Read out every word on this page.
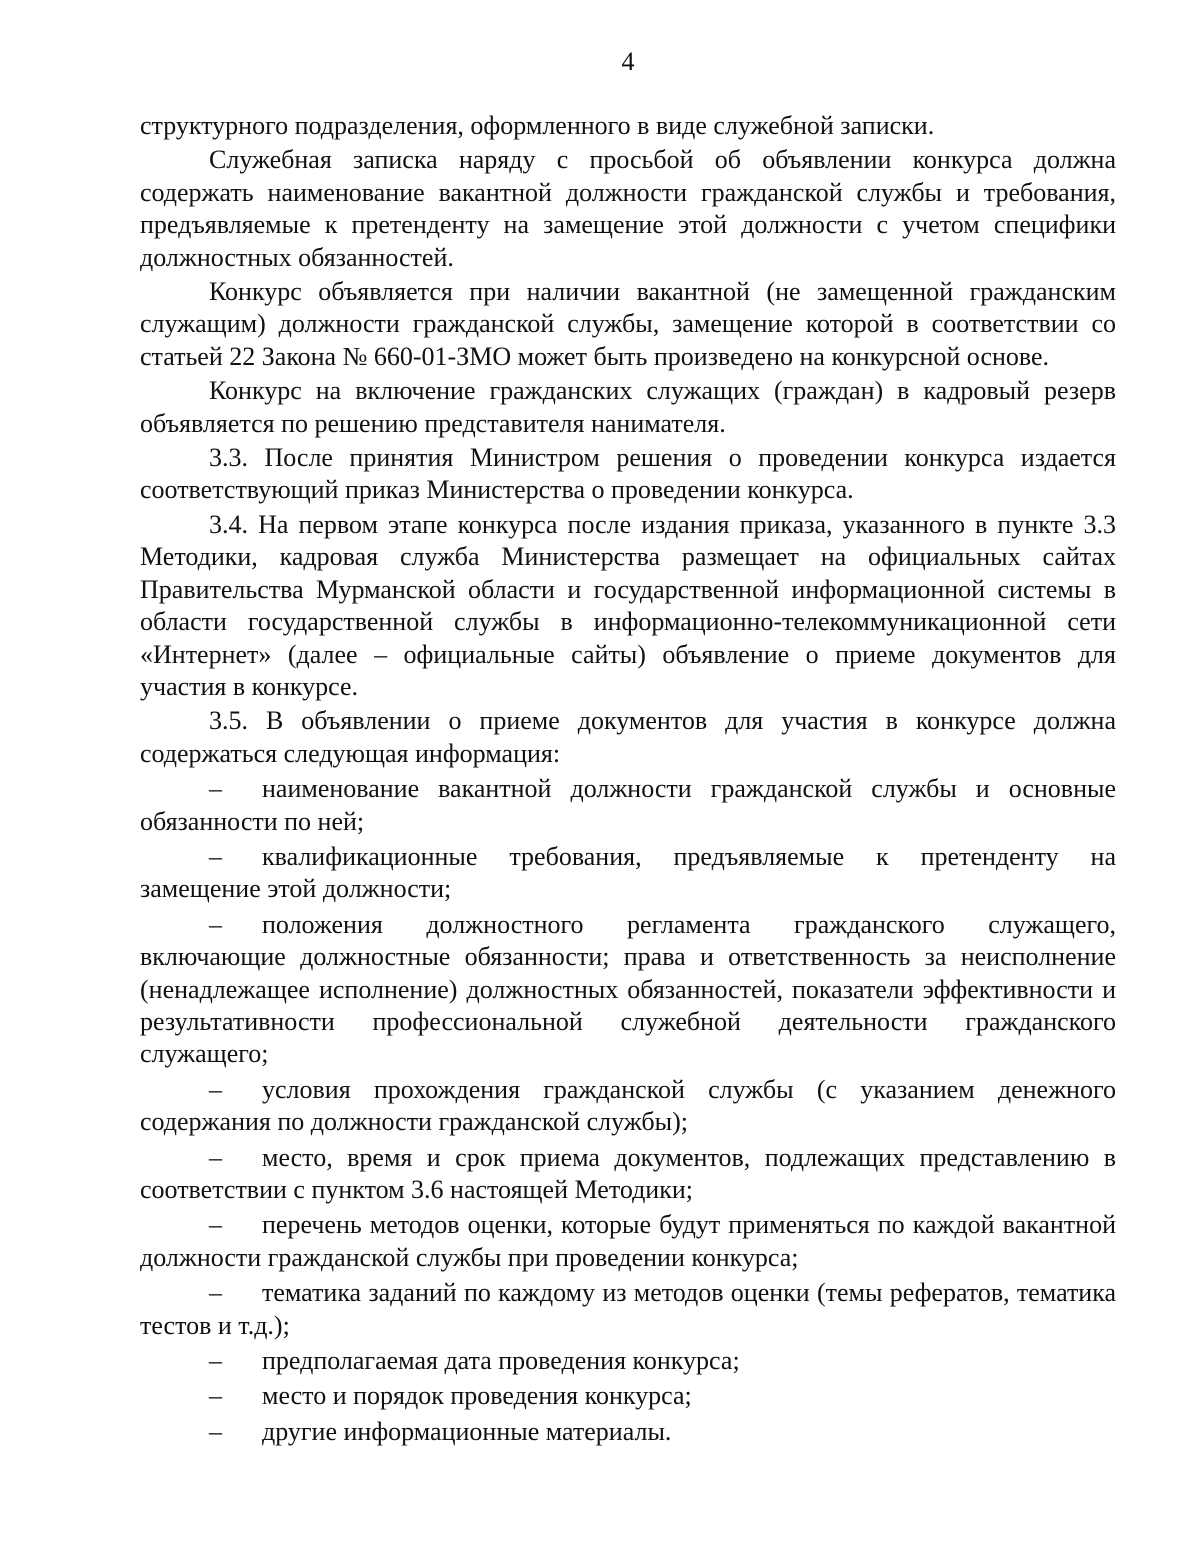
4

структурного подразделения, оформленного в виде служебной записки.

Служебная записка наряду с просьбой об объявлении конкурса должна содержать наименование вакантной должности гражданской службы и требования, предъявляемые к претенденту на замещение этой должности с учетом специфики должностных обязанностей.

Конкурс объявляется при наличии вакантной (не замещенной гражданским служащим) должности гражданской службы, замещение которой в соответствии со статьей 22 Закона № 660-01-ЗМО может быть произведено на конкурсной основе.

Конкурс на включение гражданских служащих (граждан) в кадровый резерв объявляется по решению представителя нанимателя.

3.3. После принятия Министром решения о проведении конкурса издается соответствующий приказ Министерства о проведении конкурса.

3.4. На первом этапе конкурса после издания приказа, указанного в пункте 3.3 Методики, кадровая служба Министерства размещает на официальных сайтах Правительства Мурманской области и государственной информационной системы в области государственной службы в информационно-телекоммуникационной сети «Интернет» (далее – официальные сайты) объявление о приеме документов для участия в конкурсе.

3.5. В объявлении о приеме документов для участия в конкурсе должна содержаться следующая информация:

– наименование вакантной должности гражданской службы и основные обязанности по ней;

– квалификационные требования, предъявляемые к претенденту на замещение этой должности;

– положения должностного регламента гражданского служащего, включающие должностные обязанности; права и ответственность за неисполнение (ненадлежащее исполнение) должностных обязанностей, показатели эффективности и результативности профессиональной служебной деятельности гражданского служащего;

– условия прохождения гражданской службы (с указанием денежного содержания по должности гражданской службы);

– место, время и срок приема документов, подлежащих представлению в соответствии с пунктом 3.6 настоящей Методики;

– перечень методов оценки, которые будут применяться по каждой вакантной должности гражданской службы при проведении конкурса;

– тематика заданий по каждому из методов оценки (темы рефератов, тематика тестов и т.д.);

– предполагаемая дата проведения конкурса;

– место и порядок проведения конкурса;

– другие информационные материалы.
